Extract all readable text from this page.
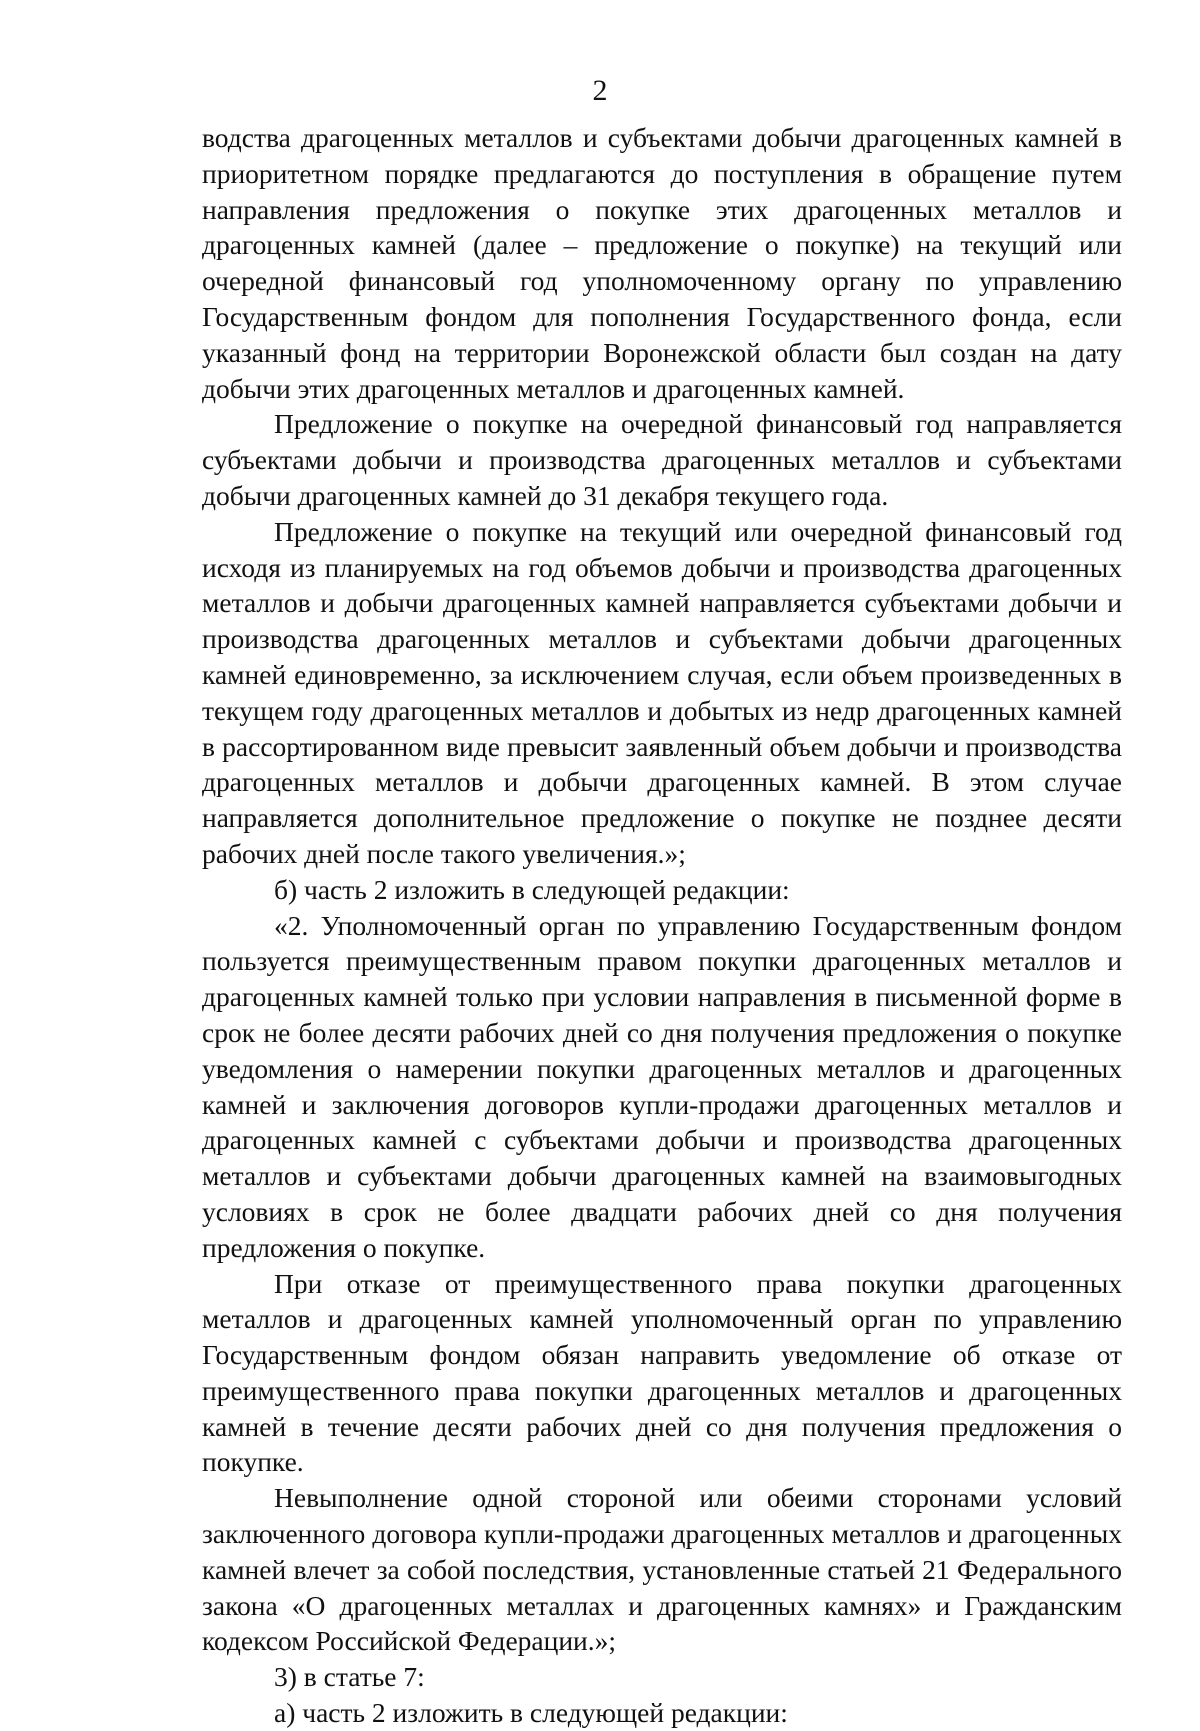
2

водства драгоценных металлов и субъектами добычи драгоценных камней в приоритетном порядке предлагаются до поступления в обращение путем направления предложения о покупке этих драгоценных металлов и драгоценных камней (далее – предложение о покупке) на текущий или очередной финансовый год уполномоченному органу по управлению Государственным фондом для пополнения Государственного фонда, если указанный фонд на территории Воронежской области был создан на дату добычи этих драгоценных металлов и драгоценных камней.

Предложение о покупке на очередной финансовый год направляется субъектами добычи и производства драгоценных металлов и субъектами добычи драгоценных камней до 31 декабря текущего года.

Предложение о покупке на текущий или очередной финансовый год исходя из планируемых на год объемов добычи и производства драгоценных металлов и добычи драгоценных камней направляется субъектами добычи и производства драгоценных металлов и субъектами добычи драгоценных камней единовременно, за исключением случая, если объем произведенных в текущем году драгоценных металлов и добытых из недр драгоценных камней в рассортированном виде превысит заявленный объем добычи и производства драгоценных металлов и добычи драгоценных камней. В этом случае направляется дополнительное предложение о покупке не позднее десяти рабочих дней после такого увеличения.»;

б) часть 2 изложить в следующей редакции:

«2. Уполномоченный орган по управлению Государственным фондом пользуется преимущественным правом покупки драгоценных металлов и драгоценных камней только при условии направления в письменной форме в срок не более десяти рабочих дней со дня получения предложения о покупке уведомления о намерении покупки драгоценных металлов и драгоценных камней и заключения договоров купли-продажи драгоценных металлов и драгоценных камней с субъектами добычи и производства драгоценных металлов и субъектами добычи драгоценных камней на взаимовыгодных условиях в срок не более двадцати рабочих дней со дня получения предложения о покупке.

При отказе от преимущественного права покупки драгоценных металлов и драгоценных камней уполномоченный орган по управлению Государственным фондом обязан направить уведомление об отказе от преимущественного права покупки драгоценных металлов и драгоценных камней в течение десяти рабочих дней со дня получения предложения о покупке.

Невыполнение одной стороной или обеими сторонами условий заключенного договора купли-продажи драгоценных металлов и драгоценных камней влечет за собой последствия, установленные статьей 21 Федерального закона «О драгоценных металлах и драгоценных камнях» и Гражданским кодексом Российской Федерации.»;

3) в статье 7:

а) часть 2 изложить в следующей редакции:
